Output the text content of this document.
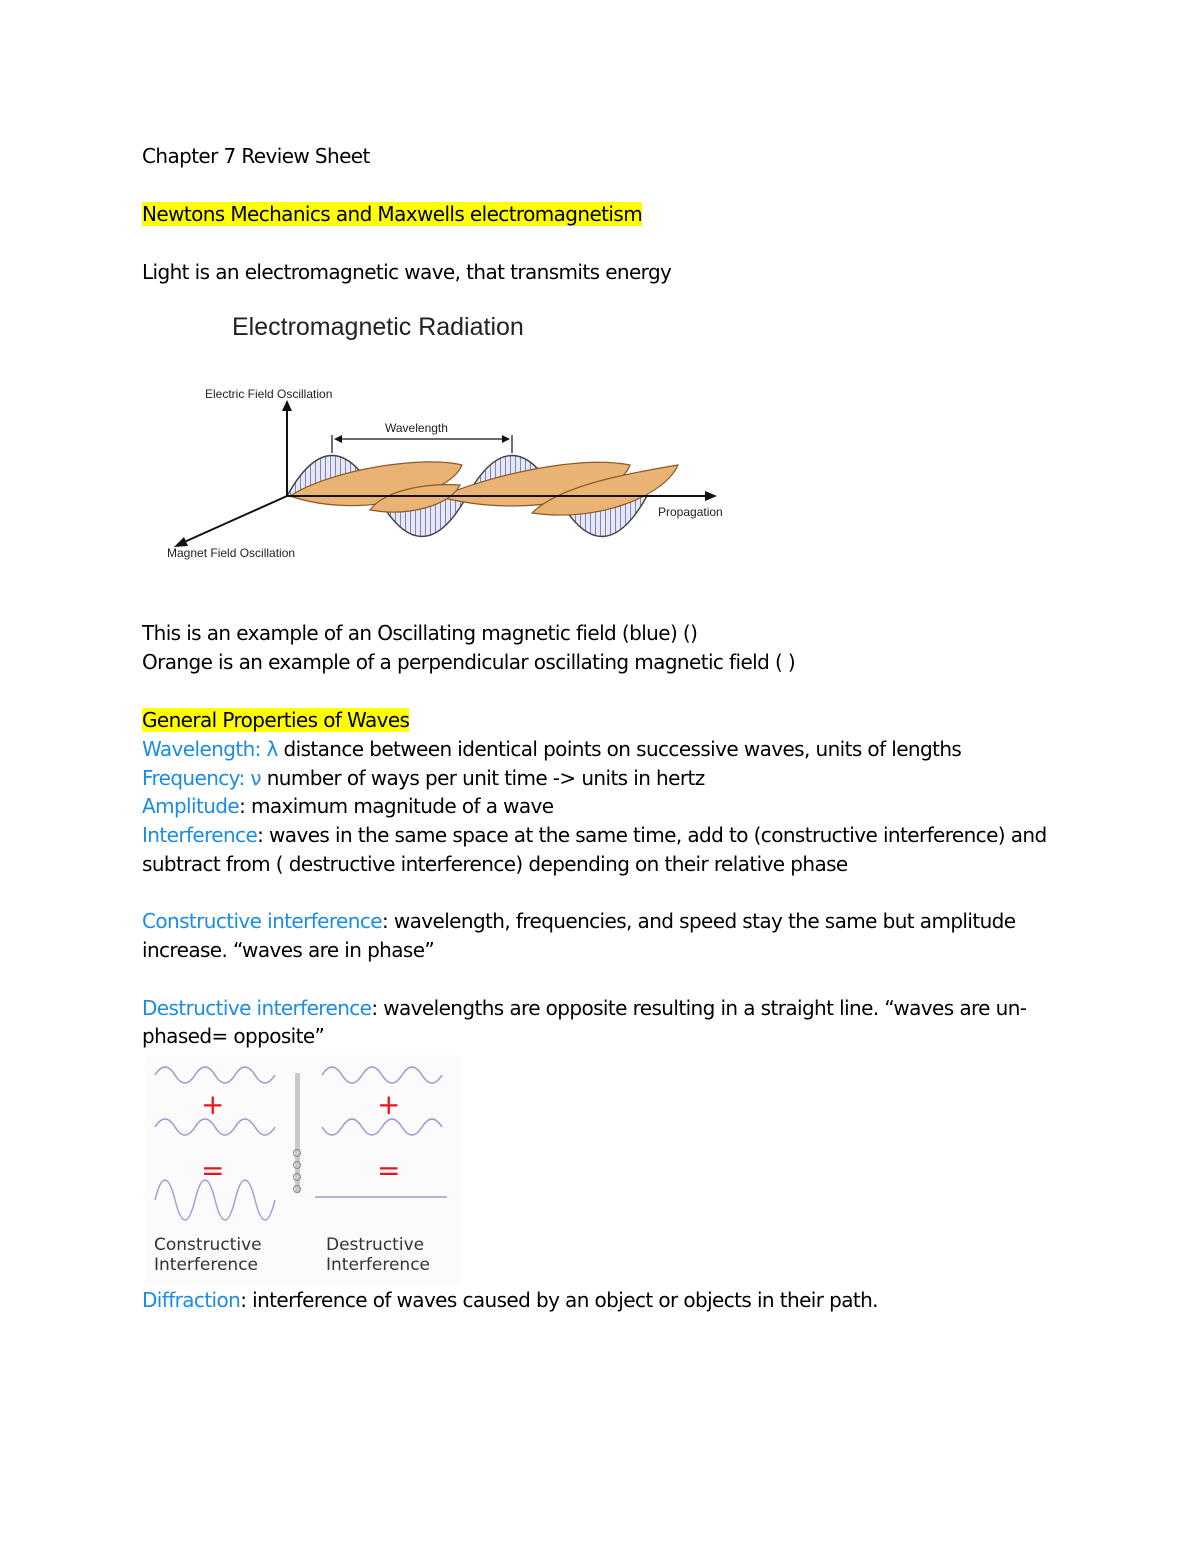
Chapter 7 Review Sheet
Newtons Mechanics and Maxwells electromagnetism
Light is an electromagnetic wave, that transmits energy
Electromagnetic Radiation
Electric Field Oscillation
Wavelength
Propagation
Magnet Field Oscillation
This is an example of an Oscillating magnetic field (blue) ()
Orange is an example of a perpendicular oscillating magnetic field ( )
General Properties of Waves
Wavelength: λ distance between identical points on successive waves, units of lengths
Frequency: ν number of ways per unit time -> units in hertz
Amplitude: maximum magnitude of a wave
Interference: waves in the same space at the same time, add to (constructive interference) and
subtract from ( destructive interference) depending on their relative phase
Constructive interference: wavelength, frequencies, and speed stay the same but amplitude
increase. “waves are in phase”
Destructive interference: wavelengths are opposite resulting in a straight line. “waves are un-
phased= opposite”
+
=
Constructive
Interference
+
=
Destructive
Interference
Diffraction: interference of waves caused by an object or objects in their path.
